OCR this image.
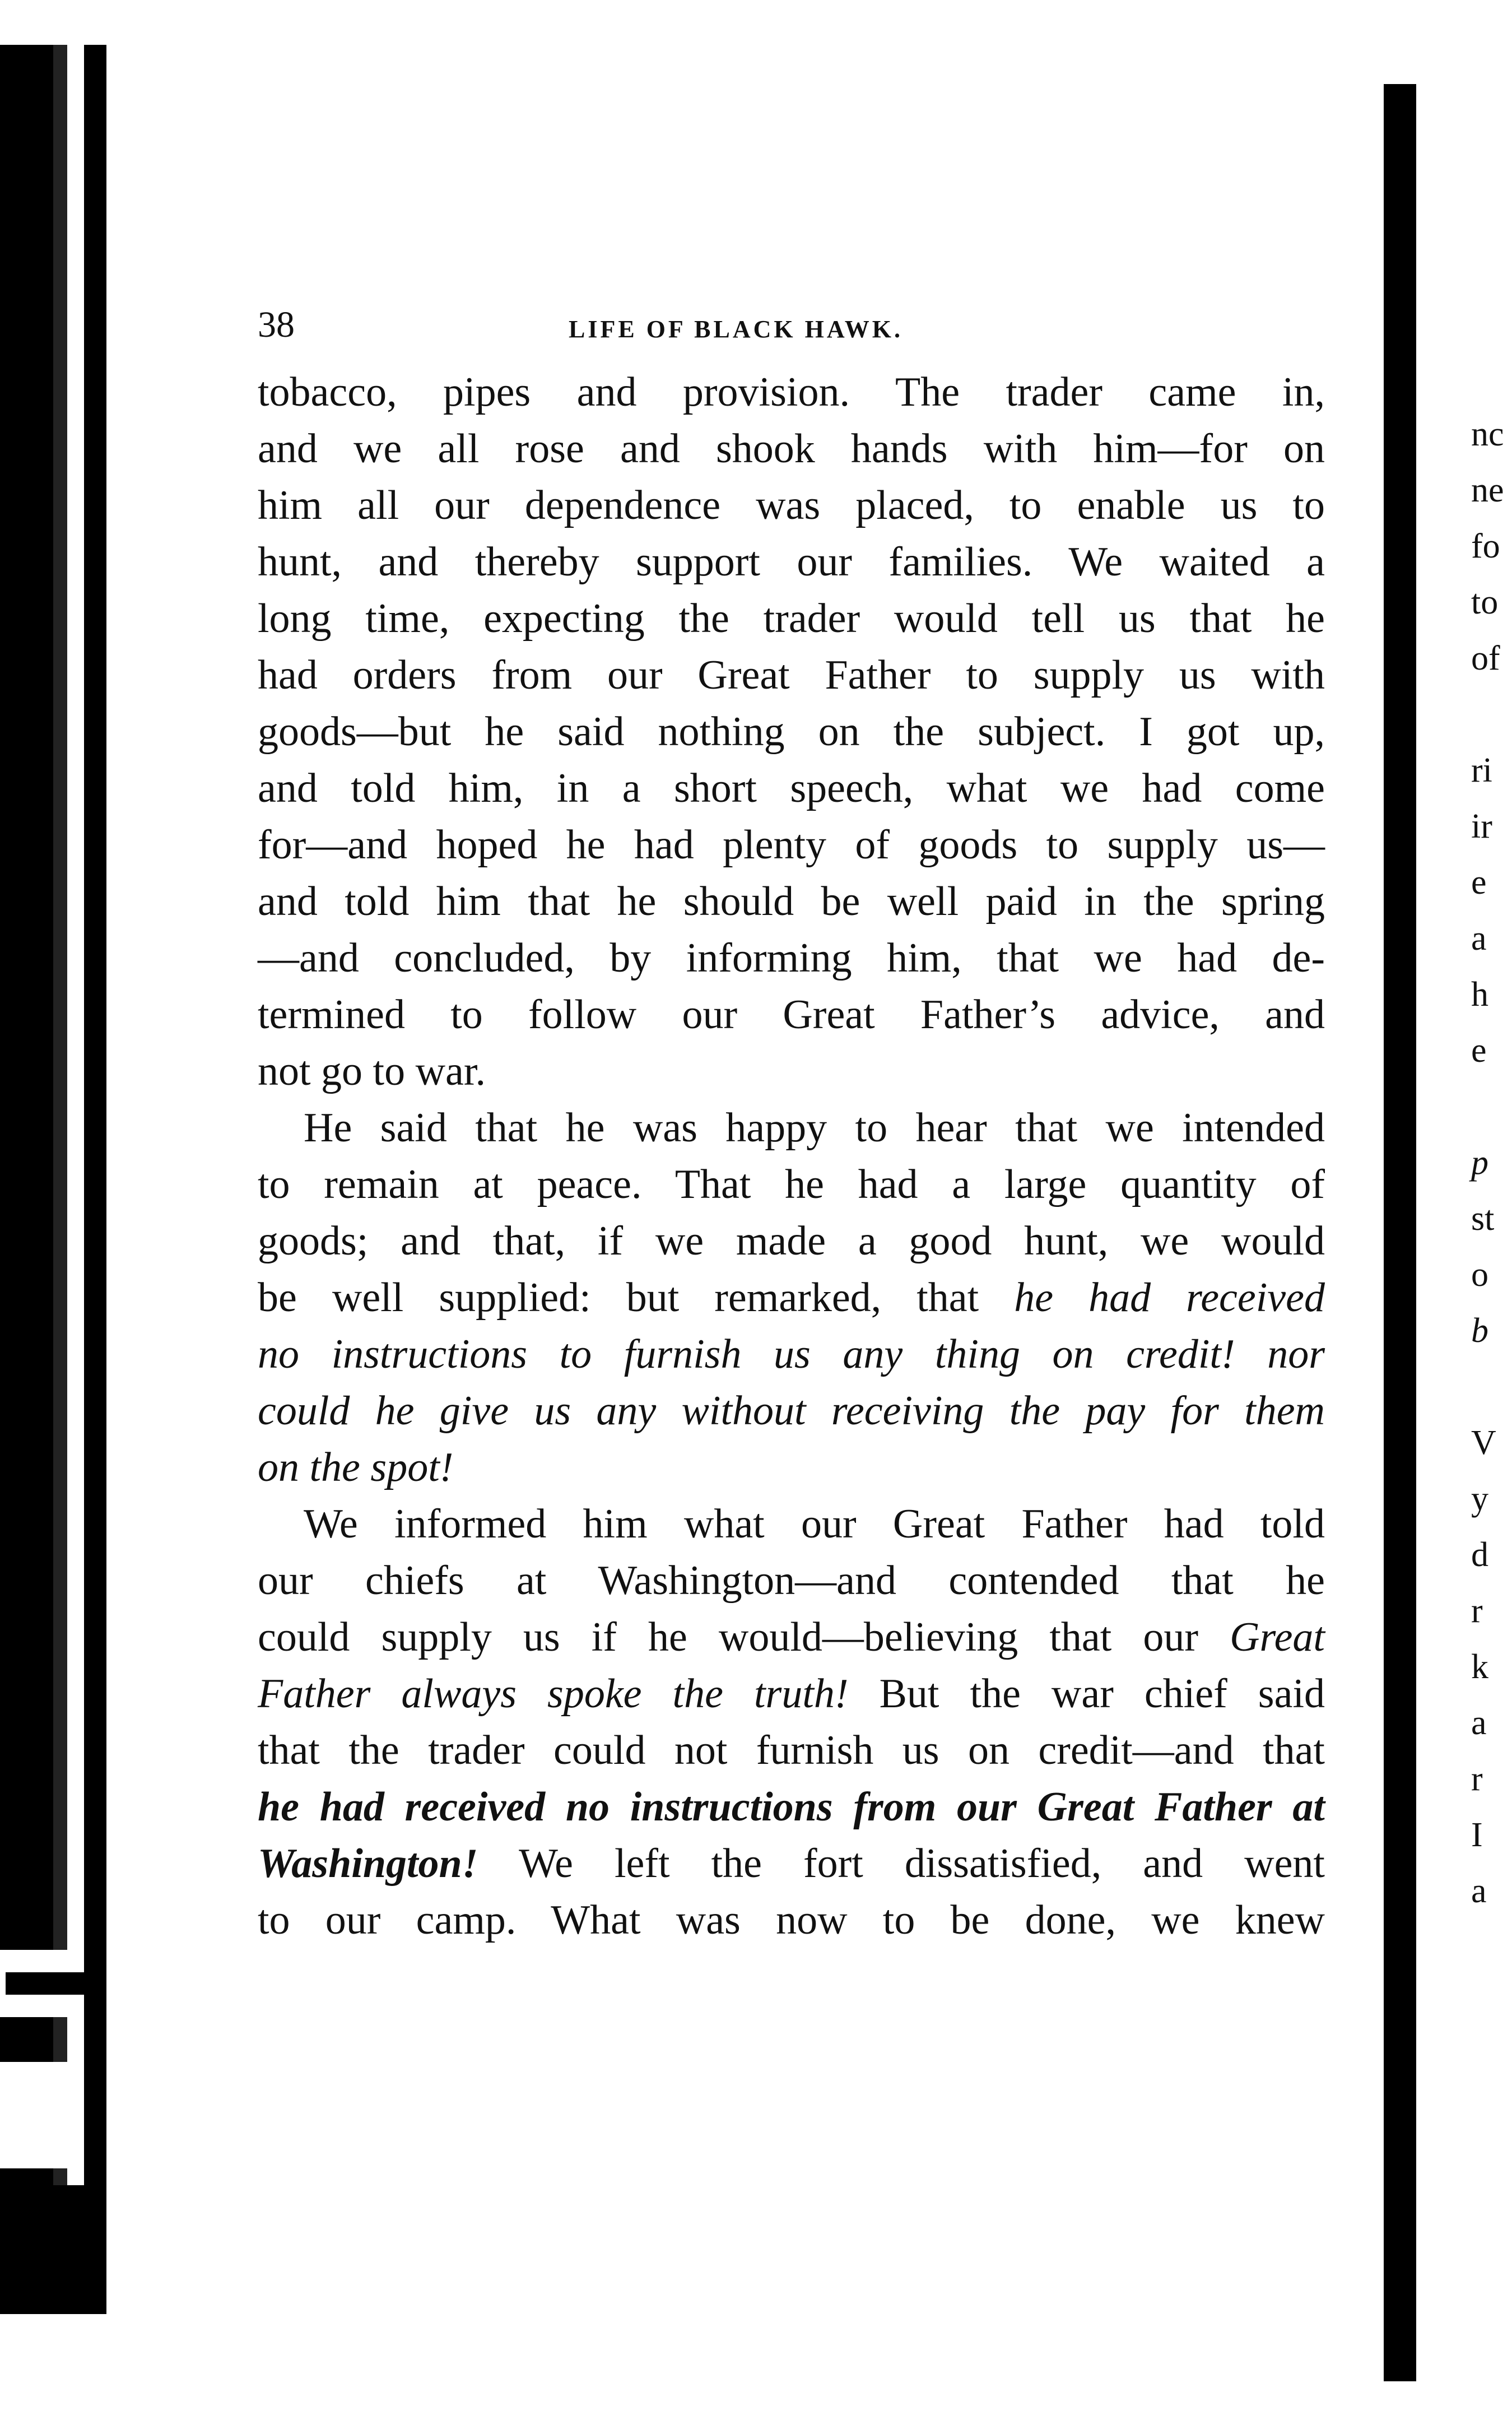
38	LIFE OF BLACK HAWK.

tobacco, pipes and provision. The trader came in,

and we all rose and shook hands with him—for on

him all our dependence was placed, to enable us to

hunt, and thereby support our families. We waited a

long time, expecting the trader would tell us that he

had orders from our Great Father to supply us with

goods—but he said nothing on the subject. I got up,

and told him, in a short speech, what we had come

for—and hoped he had plenty of goods to supply us—

and told him that he should be well paid in the spring

—and concluded, by informing him, that we had de-

termined to follow our Great Father’s advice, and

not go to war.

He said that he was happy to hear that we intended

to remain at peace. That he had a large quantity of

goods; and that, if we made a good hunt, we would

be well supplied: but remarked, that he had received

no instructions to furnish us any thing on credit! nor

could he give us any without receiving the pay for them

on the spot!

We informed him what our Great Father had told

our chiefs at Washington—and contended that he

could supply us if he would—believing that our Great

Father always spoke the truth! But the war chief said

that the trader could not furnish us on credit—and that

he had received no instructions from our Great Father at

Washington! We left the fort dissatisfied, and went

to our camp. What was now to be done, we knew

nc
ne
fo
to
of
ri
ir
e
a
h
e
p
st
o
b
V
y
d
r
k
a
r
I
a
